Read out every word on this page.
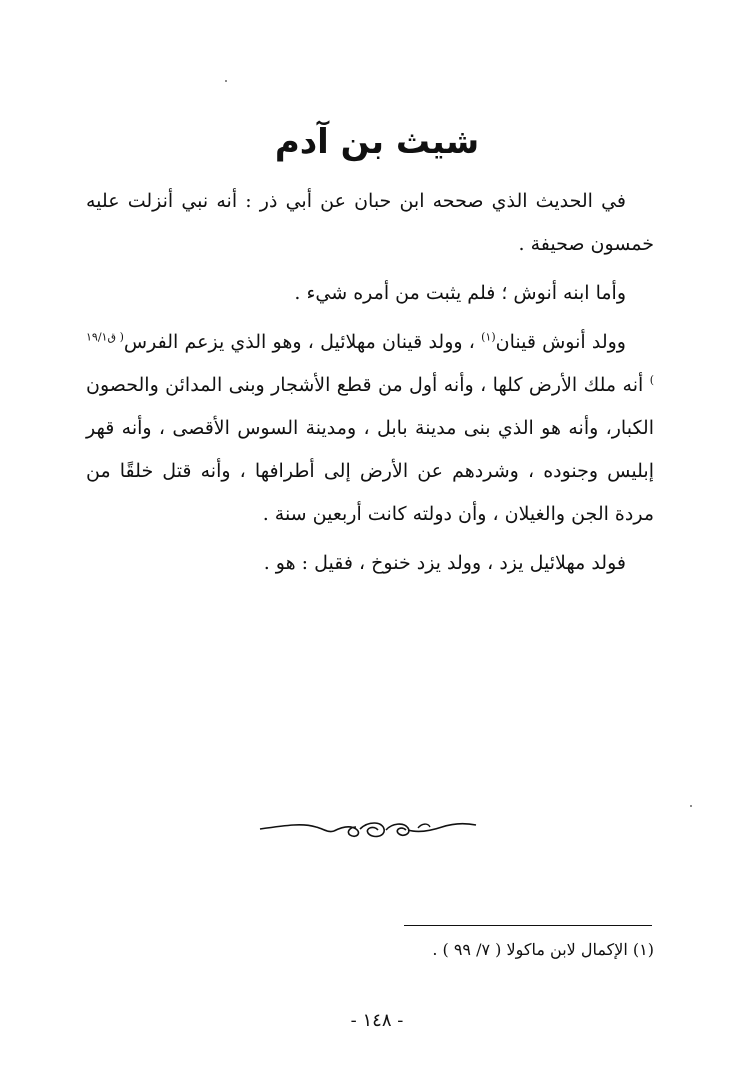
شيث بن آدم

في الحديث الذي صححه ابن حبان عن أبي ذر : أنه نبي أنزلت عليه خمسون صحيفة .

وأما ابنه أنوش ؛ فلم يثبت من أمره شيء .

وولد أنوش قينان$^{(١)}$ ، وولد قينان مهلائيل ، وهو الذي يزعم الفرس$^{( ق١٩/١ )}$ أنه ملك الأرض كلها ، وأنه أول من قطع الأشجار وبنى المدائن والحصون الكبار، وأنه هو الذي بنى مدينة بابل ، ومدينة السوس الأقصى ، وأنه قهر إبليس وجنوده ، وشردهم عن الأرض إلى أطرافها ، وأنه قتل خلقًا من مردة الجن والغيلان ، وأن دولته كانت أربعين سنة .

فولد مهلائيل يزد ، وولد يزد خنوخ ، فقيل : هو .

(١) الإكمال لابن ماكولا ( ٧/ ٩٩ ) .
- ١٤٨ -
